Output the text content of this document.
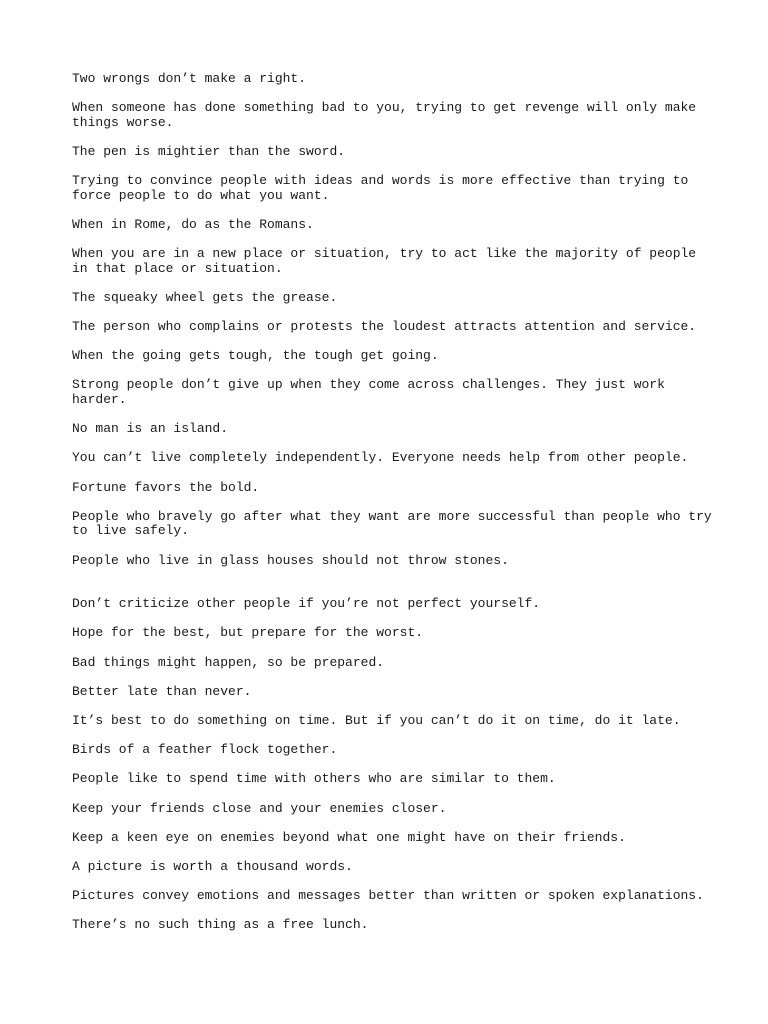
Two wrongs don’t make a right.

When someone has done something bad to you, trying to get revenge will only make things worse.

The pen is mightier than the sword.

Trying to convince people with ideas and words is more effective than trying to force people to do what you want.

When in Rome, do as the Romans.

When you are in a new place or situation, try to act like the majority of people in that place or situation.

The squeaky wheel gets the grease.

The person who complains or protests the loudest attracts attention and service.

When the going gets tough, the tough get going.

Strong people don’t give up when they come across challenges. They just work harder.

No man is an island.

You can’t live completely independently. Everyone needs help from other people.

Fortune favors the bold.

People who bravely go after what they want are more successful than people who try to live safely.

People who live in glass houses should not throw stones.

Don’t criticize other people if you’re not perfect yourself.

Hope for the best, but prepare for the worst.

Bad things might happen, so be prepared.

Better late than never.

It’s best to do something on time. But if you can’t do it on time, do it late.

Birds of a feather flock together.

People like to spend time with others who are similar to them.

Keep your friends close and your enemies closer.

Keep a keen eye on enemies beyond what one might have on their friends.

A picture is worth a thousand words.

Pictures convey emotions and messages better than written or spoken explanations.

There’s no such thing as a free lunch.
